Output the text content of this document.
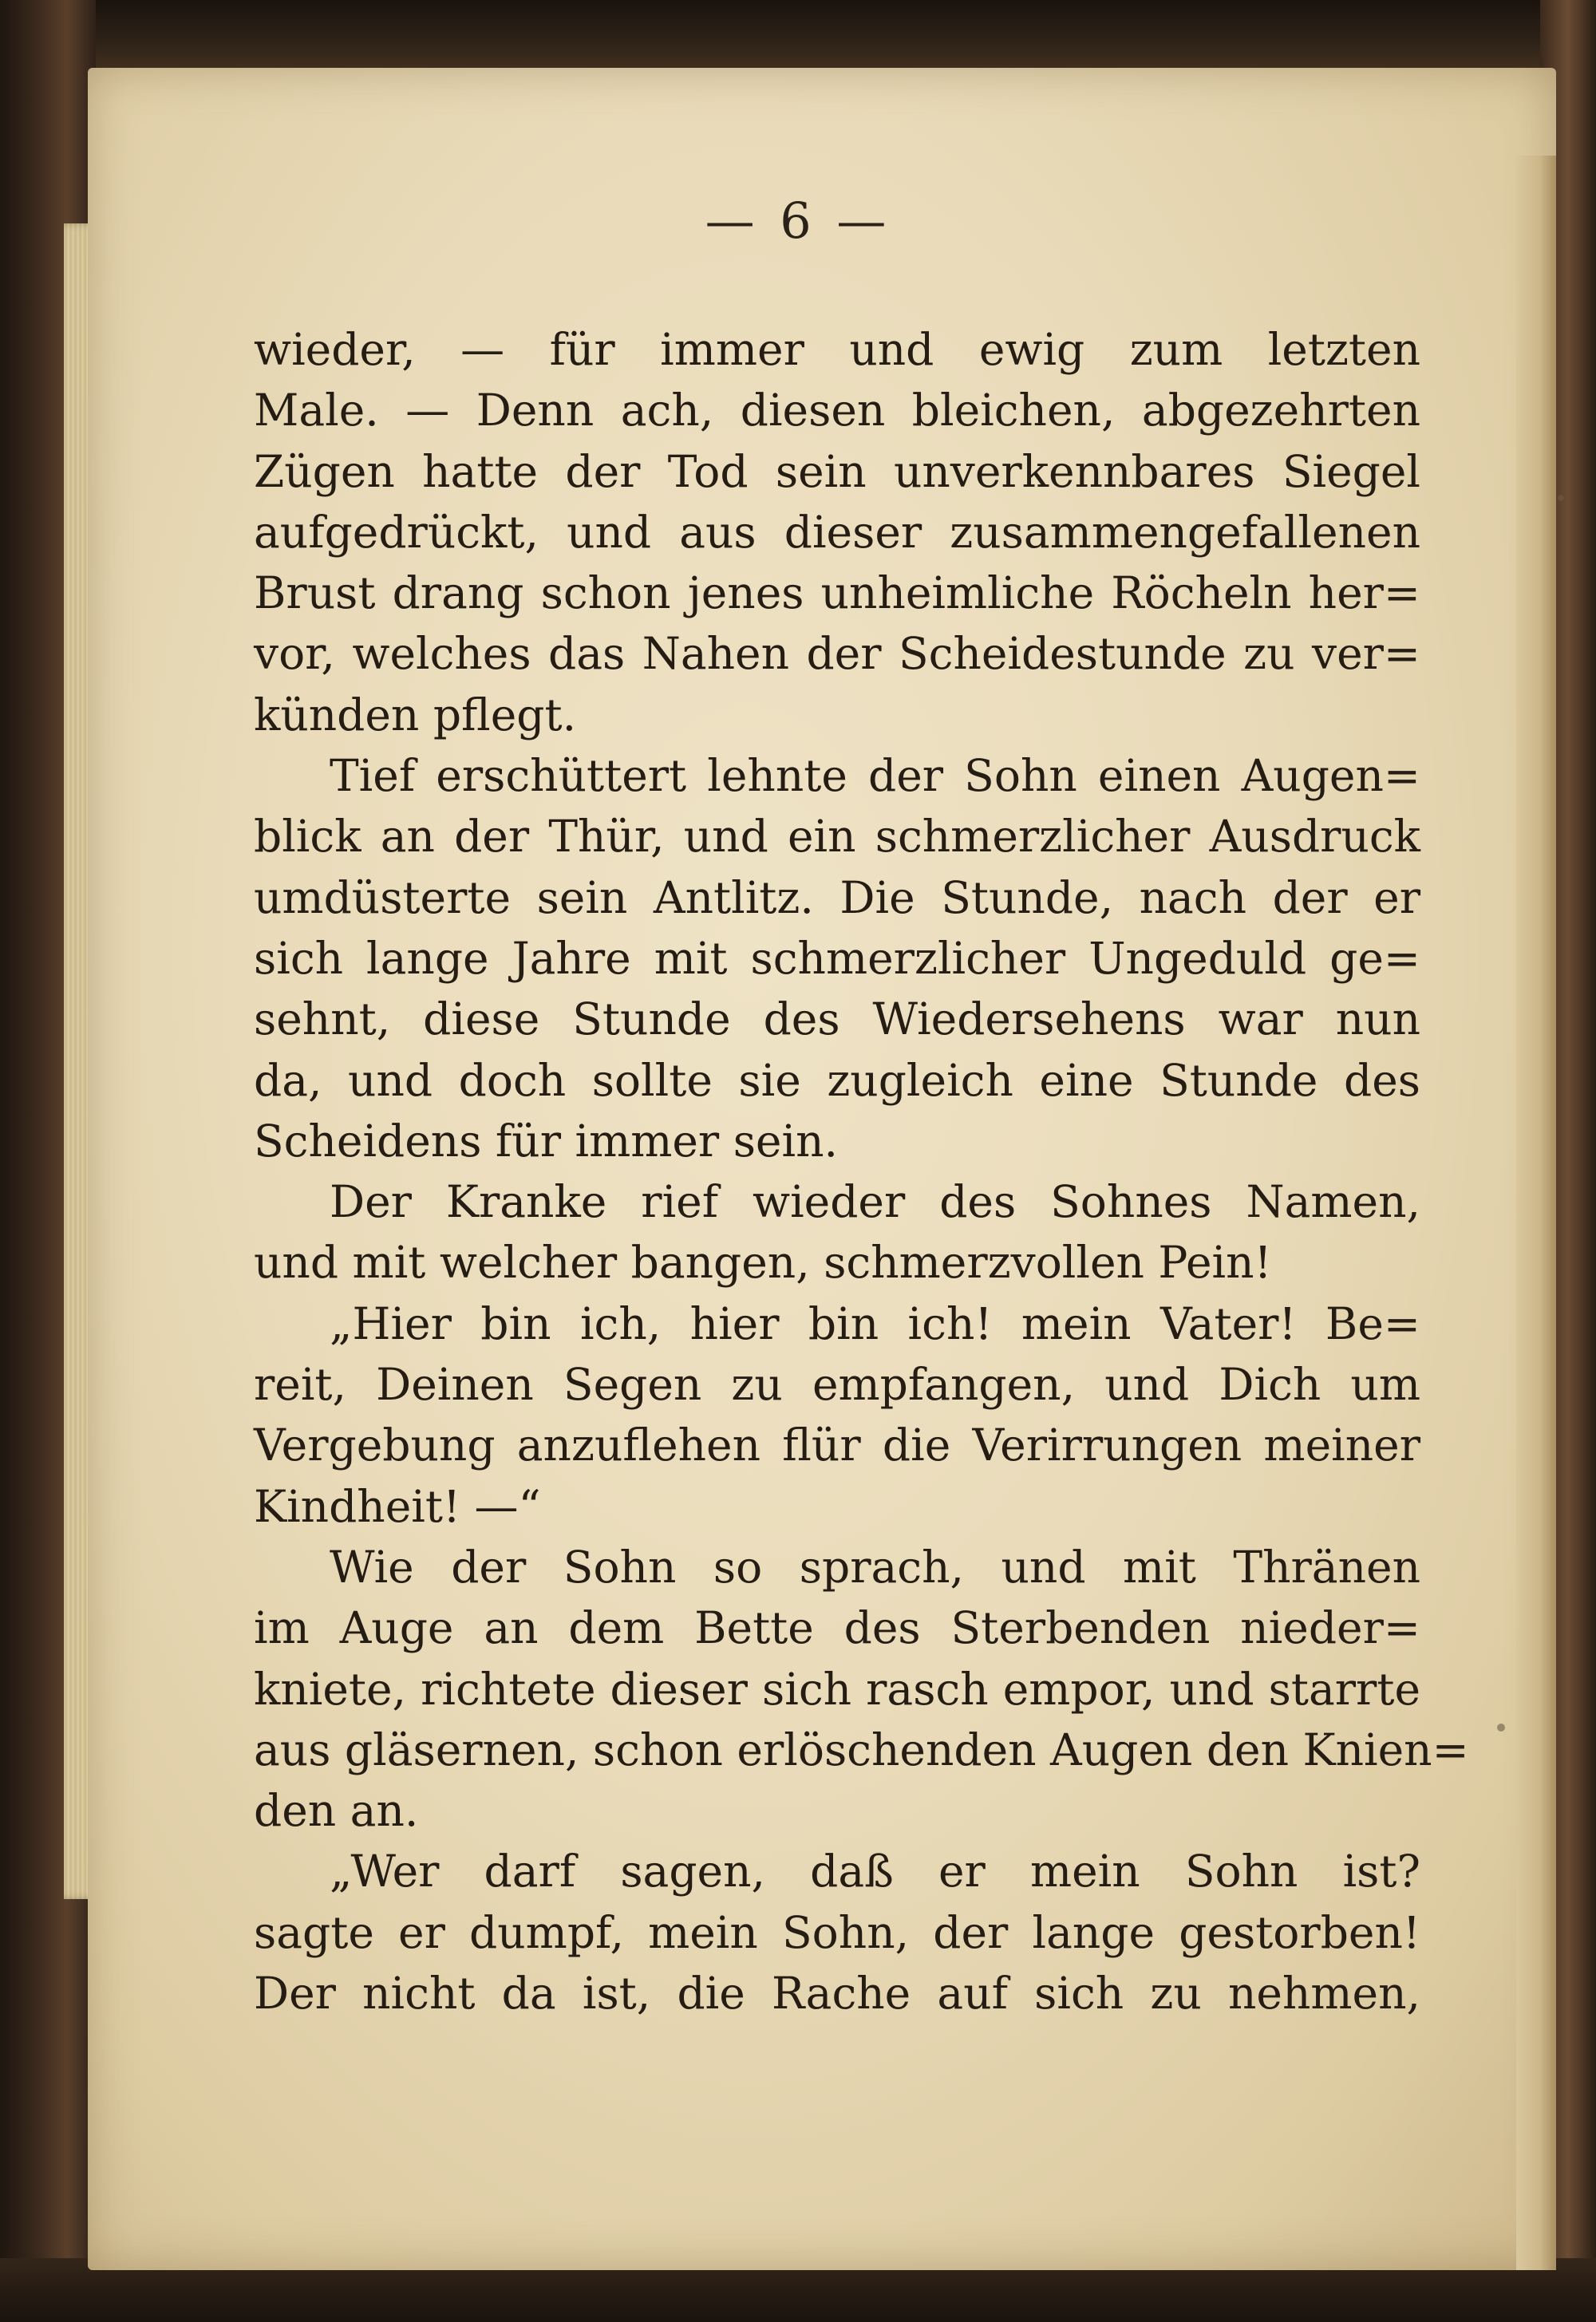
— 6 —
wieder, — für immer und ewig zum letzten
Male. — Denn ach, diesen bleichen, abgezehrten
Zügen hatte der Tod sein unverkennbares Siegel
aufgedrückt, und aus dieser zusammengefallenen
Brust drang schon jenes unheimliche Röcheln her=
vor, welches das Nahen der Scheidestunde zu ver=
künden pflegt.
Tief erschüttert lehnte der Sohn einen Augen=
blick an der Thür, und ein schmerzlicher Ausdruck
umdüsterte sein Antlitz. Die Stunde, nach der er
sich lange Jahre mit schmerzlicher Ungeduld ge=
sehnt, diese Stunde des Wiedersehens war nun
da, und doch sollte sie zugleich eine Stunde des
Scheidens für immer sein.
Der Kranke rief wieder des Sohnes Namen,
und mit welcher bangen, schmerzvollen Pein!
„Hier bin ich, hier bin ich! mein Vater! Be=
reit, Deinen Segen zu empfangen, und Dich um
Vergebung anzuflehen flür die Verirrungen meiner
Kindheit! —“
Wie der Sohn so sprach, und mit Thränen
im Auge an dem Bette des Sterbenden nieder=
kniete, richtete dieser sich rasch empor, und starrte
aus gläsernen, schon erlöschenden Augen den Knien=
den an.
„Wer darf sagen, daß er mein Sohn ist?
sagte er dumpf, mein Sohn, der lange gestorben!
Der nicht da ist, die Rache auf sich zu nehmen,
